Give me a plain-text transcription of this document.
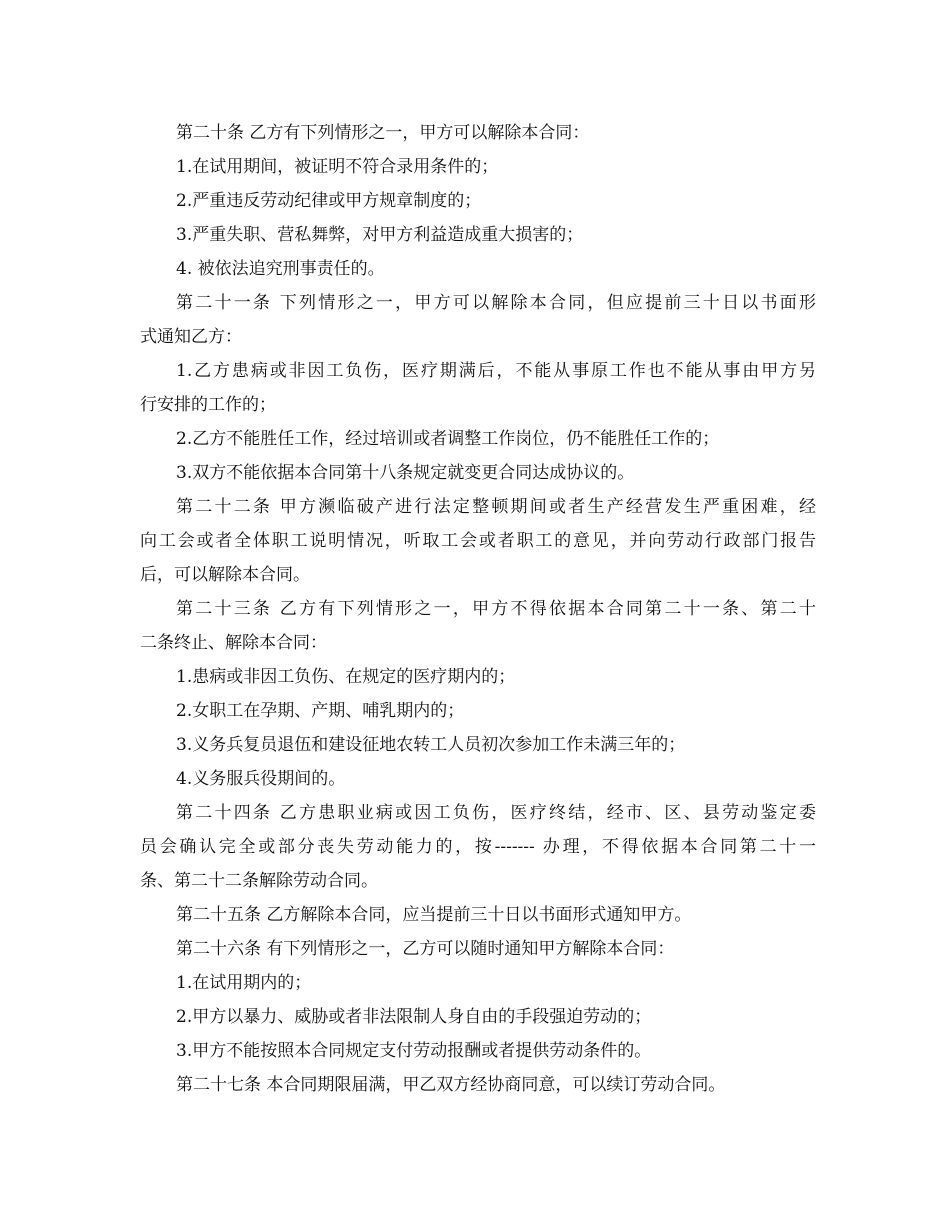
第二十条 乙方有下列情形之一，甲方可以解除本合同：
1.在试用期间，被证明不符合录用条件的；
2.严重违反劳动纪律或甲方规章制度的；
3.严重失职、营私舞弊，对甲方利益造成重大损害的；
4. 被依法追究刑事责任的。
第二十一条 下列情形之一，甲方可以解除本合同，但应提前三十日以书面形
式通知乙方：
1.乙方患病或非因工负伤，医疗期满后，不能从事原工作也不能从事由甲方另
行安排的工作的；
2.乙方不能胜任工作，经过培训或者调整工作岗位，仍不能胜任工作的；
3.双方不能依据本合同第十八条规定就变更合同达成协议的。
第二十二条 甲方濒临破产进行法定整顿期间或者生产经营发生严重困难，经
向工会或者全体职工说明情况，听取工会或者职工的意见，并向劳动行政部门报告
后，可以解除本合同。
第二十三条 乙方有下列情形之一，甲方不得依据本合同第二十一条、第二十
二条终止、解除本合同：
1.患病或非因工负伤、在规定的医疗期内的；
2.女职工在孕期、产期、哺乳期内的；
3.义务兵复员退伍和建设征地农转工人员初次参加工作未满三年的；
4.义务服兵役期间的。
第二十四条 乙方患职业病或因工负伤，医疗终结，经市、区、县劳动鉴定委
员会确认完全或部分丧失劳动能力的，按------- 办理，不得依据本合同第二十一
条、第二十二条解除劳动合同。
第二十五条 乙方解除本合同，应当提前三十日以书面形式通知甲方。
第二十六条 有下列情形之一，乙方可以随时通知甲方解除本合同：
1.在试用期内的；
2.甲方以暴力、威胁或者非法限制人身自由的手段强迫劳动的；
3.甲方不能按照本合同规定支付劳动报酬或者提供劳动条件的。
第二十七条 本合同期限届满，甲乙双方经协商同意，可以续订劳动合同。
